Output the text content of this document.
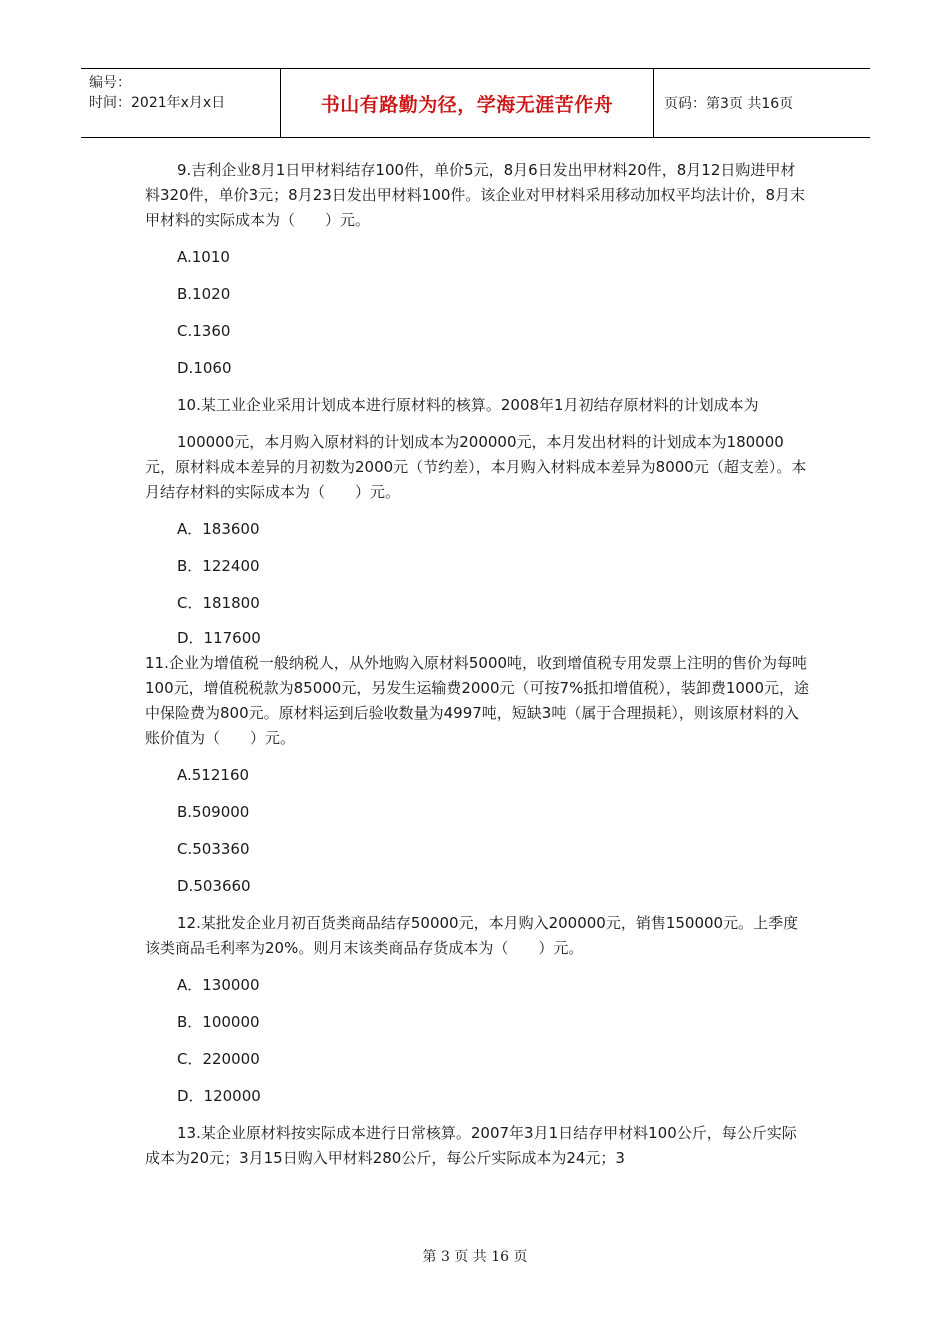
编号：
时间：2021年x月x日	书山有路勤为径，学海无涯苦作舟	页码：第3页 共16页

9.吉利企业8月1日甲材料结存100件，单价5元，8月6日发出甲材料20件，8月12日购进甲材料320件，单价3元；8月23日发出甲材料100件。该企业对甲材料采用移动加权平均法计价，8月末甲材料的实际成本为（　　）元。

A.1010

B.1020

C.1360

D.1060

10.某工业企业采用计划成本进行原材料的核算。2008年1月初结存原材料的计划成本为

100000元，本月购入原材料的计划成本为200000元，本月发出材料的计划成本为180000元，原材料成本差异的月初数为2000元（节约差），本月购入材料成本差异为8000元（超支差）。本月结存材料的实际成本为（　　）元。

A．183600

B．122400

C．181800

D．117600

11.企业为增值税一般纳税人，从外地购入原材料5000吨，收到增值税专用发票上注明的售价为每吨100元，增值税税款为85000元，另发生运输费2000元（可按7%抵扣增值税），装卸费1000元，途中保险费为800元。原材料运到后验收数量为4997吨，短缺3吨（属于合理损耗），则该原材料的入账价值为（　　）元。

A.512160

B.509000

C.503360

D.503660

12.某批发企业月初百货类商品结存50000元，本月购入200000元，销售150000元。上季度该类商品毛利率为20%。则月末该类商品存货成本为（　　）元。

A．130000

B．100000

C．220000

D．120000

13.某企业原材料按实际成本进行日常核算。2007年3月1日结存甲材料100公斤，每公斤实际成本为20元；3月15日购入甲材料280公斤，每公斤实际成本为24元；3

第 3 页 共 16 页
